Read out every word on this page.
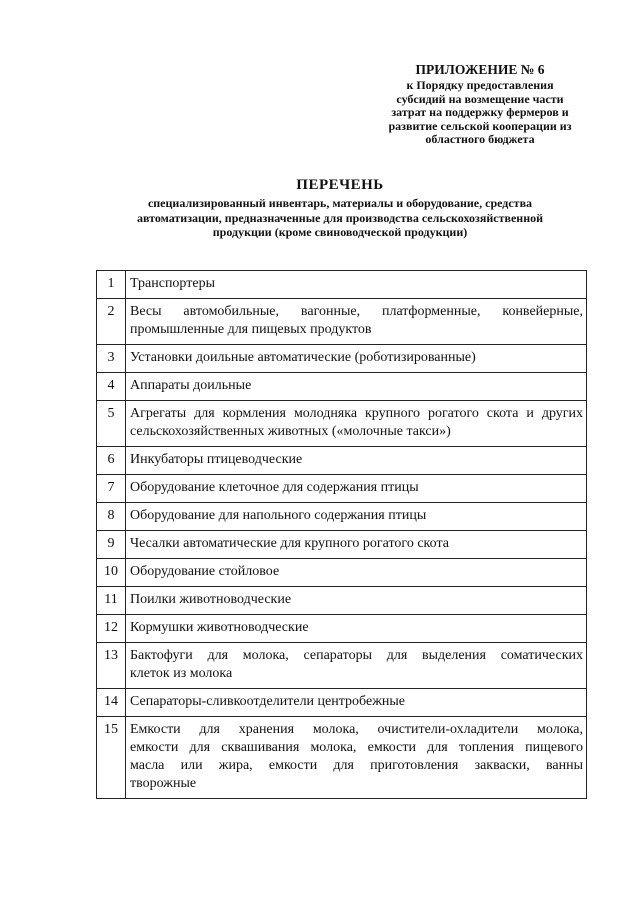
ПРИЛОЖЕНИЕ № 6
к Порядку предоставления
субсидий на возмещение части
затрат на поддержку фермеров и
развитие сельской кооперации из
областного бюджета
ПЕРЕЧЕНЬ
специализированный инвентарь, материалы и оборудование, средства
автоматизации, предназначенные для производства сельскохозяйственной
продукции (кроме свиноводческой продукции)
1	Транспортеры

2	Весы автомобильные, вагонные, платформенные, конвейерные,
промышленные для пищевых продуктов

3	Установки доильные автоматические (роботизированные)

4	Аппараты доильные

5	Агрегаты для кормления молодняка крупного рогатого скота и других
сельскохозяйственных животных («молочные такси»)

6	Инкубаторы птицеводческие

7	Оборудование клеточное для содержания птицы

8	Оборудование для напольного содержания птицы

9	Чесалки автоматические для крупного рогатого скота

10	Оборудование стойловое

11	Поилки животноводческие

12	Кормушки животноводческие

13	Бактофуги для молока, сепараторы для выделения соматических
клеток из молока

14	Сепараторы-сливкоотделители центробежные

15	Емкости для хранения молока, очистители-охладители молока,
емкости для сквашивания молока, емкости для топления пищевого
масла или жира, емкости для приготовления закваски, ванны
творожные
